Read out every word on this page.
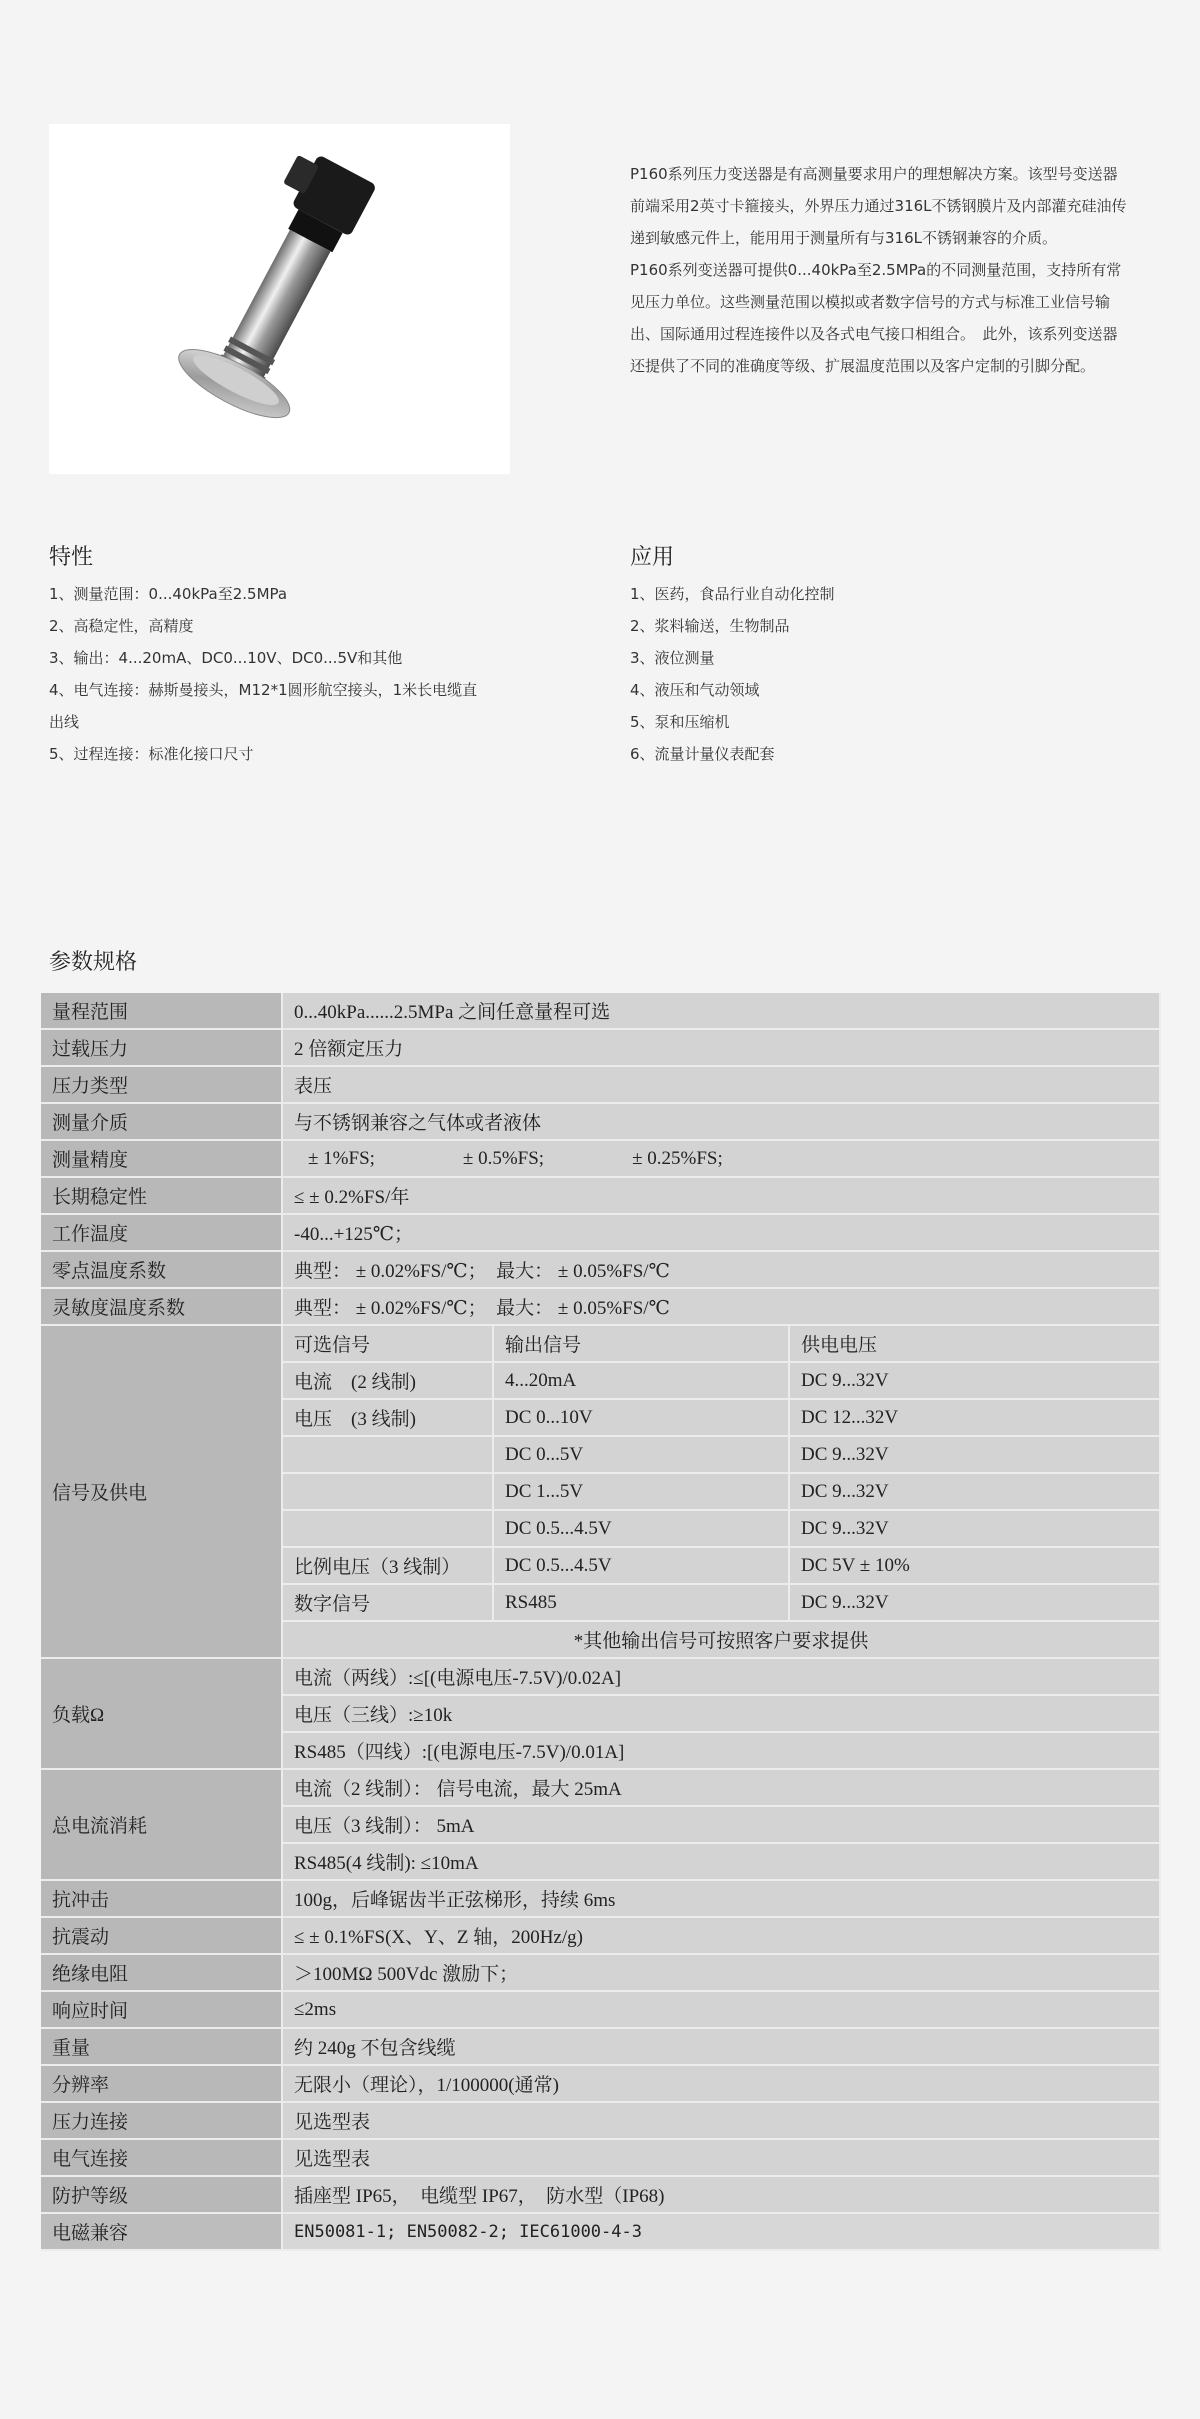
P160系列压力变送器是有高测量要求用户的理想解决方案。该型号变送器前端采用2英寸卡箍接头，外界压力通过316L不锈钢膜片及内部灌充硅油传递到敏感元件上，能用用于测量所有与316L不锈钢兼容的介质。

P160系列变送器可提供0...40kPa至2.5MPa的不同测量范围，支持所有常见压力单位。这些测量范围以模拟或者数字信号的方式与标准工业信号输出、国际通用过程连接件以及各式电气接口相组合。　此外，该系列变送器还提供了不同的准确度等级、扩展温度范围以及客户定制的引脚分配。

特性
1、测量范围：0...40kPa至2.5MPa
2、高稳定性，高精度
3、输出：4...20mA、DC0...10V、DC0...5V和其他
4、电气连接：赫斯曼接头，M12*1圆形航空接头，1米长电缆直出线
5、过程连接：标准化接口尺寸
应用
1、医药，食品行业自动化控制
2、浆料输送，生物制品
3、液位测量
4、液压和气动领域
5、泵和压缩机
6、流量计量仪表配套
参数规格
量程范围	0...40kPa......2.5MPa 之间任意量程可选		
过载压力	2 倍额定压力		
压力类型	表压		
测量介质	与不锈钢兼容之气体或者液体		
测量精度	± 1%FS; ± 0.5%FS; ± 0.25%FS;		
长期稳定性	≤ ± 0.2%FS/年		
工作温度	-40...+125℃；		
零点温度系数	典型： ± 0.02%FS/℃；　最大： ± 0.05%FS/℃		
灵敏度温度系数	典型： ± 0.02%FS/℃；　最大： ± 0.05%FS/℃		
信号及供电	可选信号	输出信号	供电电压
	电流　(2 线制)	4...20mA	DC 9...32V
	电压　(3 线制)	DC 0...10V	DC 12...32V
		DC 0...5V	DC 9...32V
		DC 1...5V	DC 9...32V
		DC 0.5...4.5V	DC 9...32V
	比例电压（3 线制）	DC 0.5...4.5V	DC 5V ± 10%
	数字信号	RS485	DC 9...32V
	*其他输出信号可按照客户要求提供		
负载Ω	电流（两线）:≤[(电源电压-7.5V)/0.02A]		
	电压（三线）:≥10k		
	RS485（四线）:[(电源电压-7.5V)/0.01A]		
总电流消耗	电流（2 线制）： 信号电流，最大 25mA		
	电压（3 线制）： 5mA		
	RS485(4 线制): ≤10mA		
抗冲击	100g，后峰锯齿半正弦梯形，持续 6ms		
抗震动	≤ ± 0.1%FS(X、Y、Z 轴，200Hz/g)		
绝缘电阻	＞100MΩ 500Vdc 激励下；		
响应时间	≤2ms		
重量	约 240g 不包含线缆		
分辨率	无限小（理论），1/100000(通常)		
压力连接	见选型表		
电气连接	见选型表		
防护等级	插座型 IP65，　电缆型 IP67，　防水型（IP68)		
电磁兼容	EN50081-1; EN50082-2; IEC61000-4-3		
